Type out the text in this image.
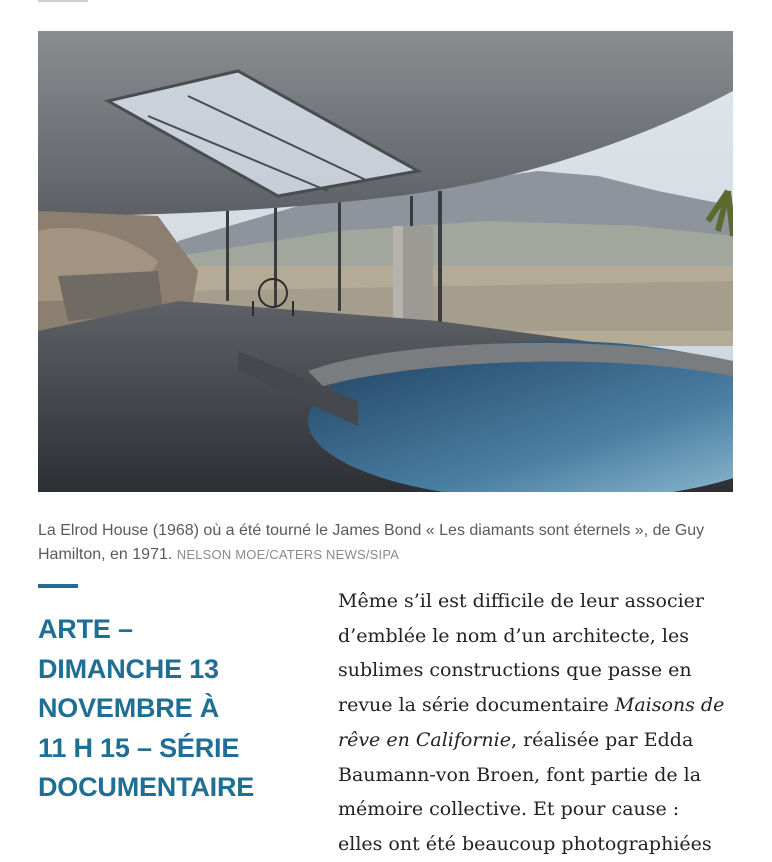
La Elrod House (1968) où a été tourné le James Bond « Les diamants sont éternels », de Guy Hamilton, en 1971. NELSON MOE/CATERS NEWS/SIPA

ARTE –
DIMANCHE 13
NOVEMBRE À
11 H 15 – SÉRIE
DOCUMENTAIRE
Même s’il est difficile de leur associer
d’emblée le nom d’un architecte, les
sublimes constructions que passe en
revue la série documentaire Maisons de
rêve en Californie, réalisée par Edda
Baumann-von Broen, font partie de la
mémoire collective. Et pour cause :
elles ont été beaucoup photographiées
